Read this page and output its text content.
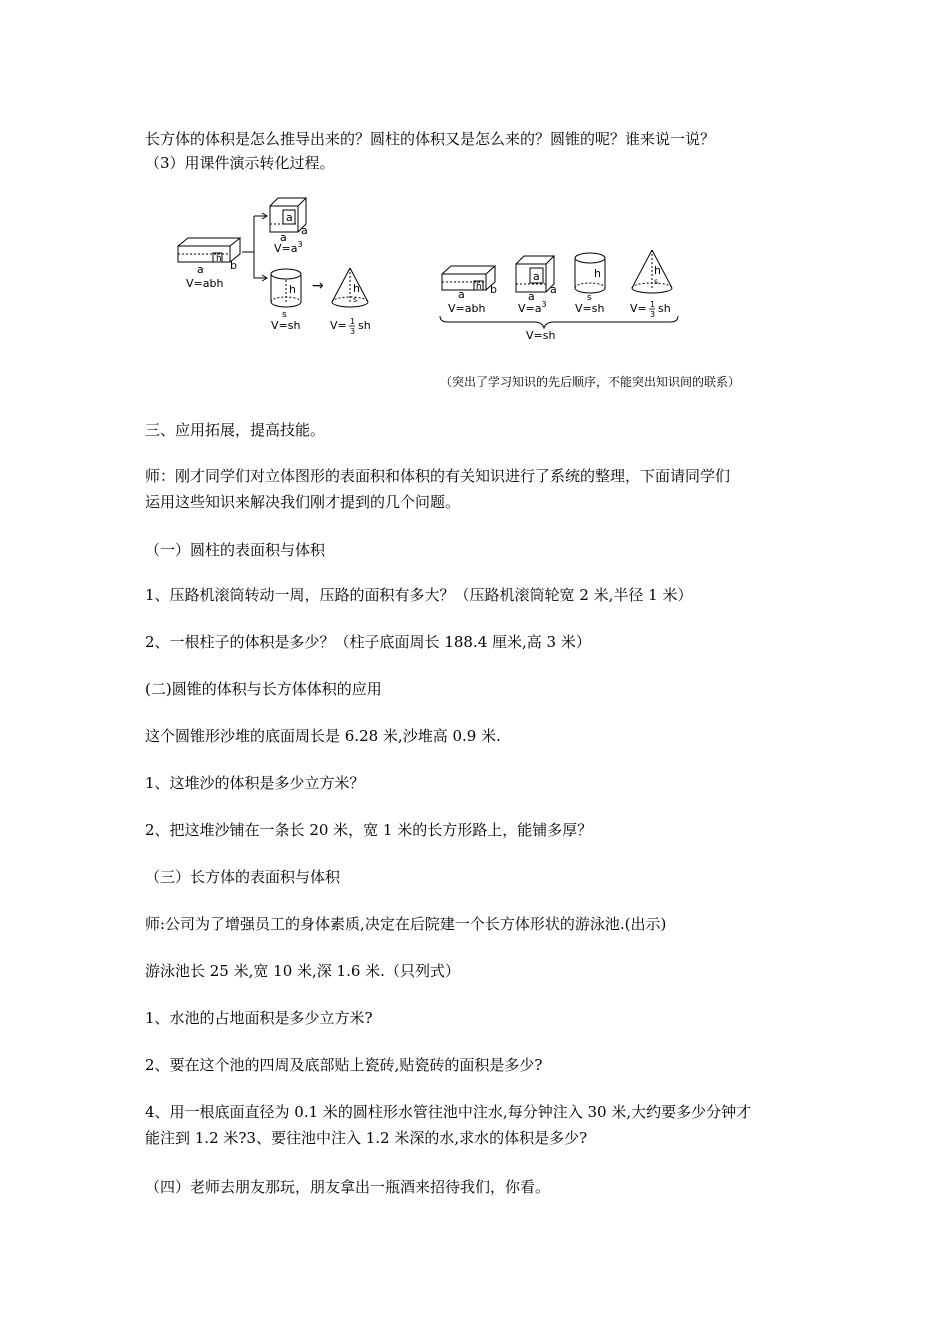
长方体的体积是怎么推导出来的？圆柱的体积又是怎么来的？圆锥的呢？谁来说一说？
（3）用课件演示转化过程。
h b
a
V=abh
a
a
a
$V=a^3$
h
s
V=sh
→	h
s
V= 1
3 sh
h b
a
V=abh
a
a
a
$V=a^3$
h
s
V=sh
h
s
V= 1
3 sh
V=sh
（突出了学习知识的先后顺序，不能突出知识间的联系）
三、应用拓展，提高技能。
师：刚才同学们对立体图形的表面积和体积的有关知识进行了系统的整理，下面请同学们
运用这些知识来解决我们刚才提到的几个问题。
（一）圆柱的表面积与体积
1、压路机滚筒转动一周，压路的面积有多大？（压路机滚筒轮宽 2 米,半径 1 米）
2、一根柱子的体积是多少？（柱子底面周长 188.4 厘米,高 3 米）
(二)圆锥的体积与长方体体积的应用
这个圆锥形沙堆的底面周长是 6.28 米,沙堆高 0.9 米.
1、这堆沙的体积是多少立方米？
2、把这堆沙铺在一条长 20 米，宽 1 米的长方形路上，能铺多厚？
（三）长方体的表面积与体积
师:公司为了增强员工的身体素质,决定在后院建一个长方体形状的游泳池.(出示)
游泳池长 25 米,宽 10 米,深 1.6 米.（只列式）
1、水池的占地面积是多少立方米?
2、要在这个池的四周及底部贴上瓷砖,贴瓷砖的面积是多少?
4、用一根底面直径为 0.1 米的圆柱形水管往池中注水,每分钟注入 30 米,大约要多少分钟才
能注到 1.2 米?3、要往池中注入 1.2 米深的水,求水的体积是多少?
（四）老师去朋友那玩，朋友拿出一瓶酒来招待我们，你看。
